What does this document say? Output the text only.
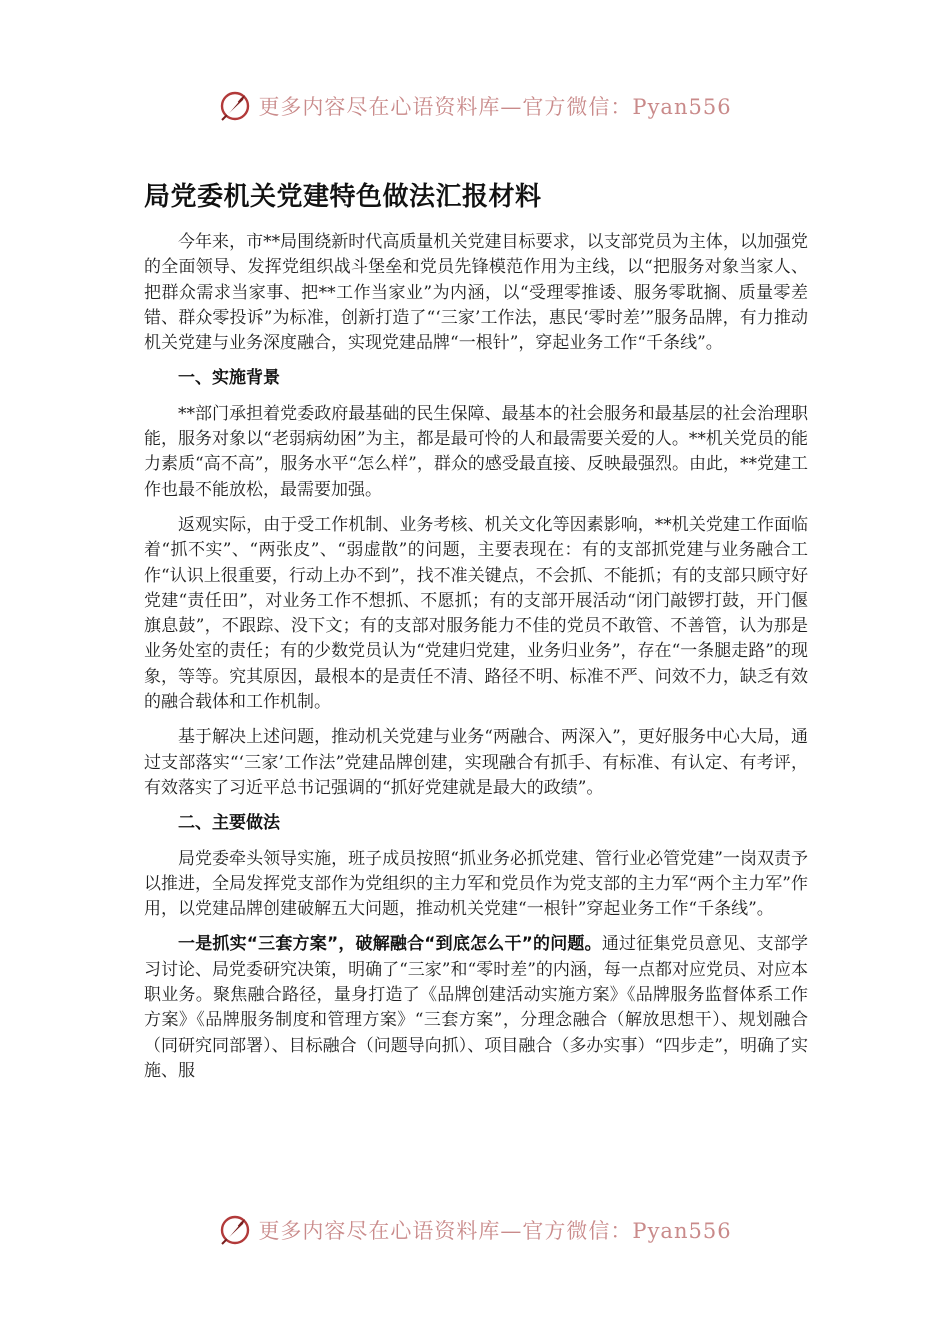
更多内容尽在心语资料库—官方微信：Pyan556
局党委机关党建特色做法汇报材料

今年来，市**局围绕新时代高质量机关党建目标要求，以支部党员为主体，以加强党的全面领导、发挥党组织战斗堡垒和党员先锋模范作用为主线，以“把服务对象当家人、把群众需求当家事、把**工作当家业”为内涵，以“受理零推诿、服务零耽搁、质量零差错、群众零投诉”为标准，创新打造了“‘三家’工作法，惠民‘零时差’”服务品牌，有力推动机关党建与业务深度融合，实现党建品牌“一根针”，穿起业务工作“千条线”。

一、实施背景

**部门承担着党委政府最基础的民生保障、最基本的社会服务和最基层的社会治理职能，服务对象以“老弱病幼困”为主，都是最可怜的人和最需要关爱的人。**机关党员的能力素质“高不高”，服务水平“怎么样”，群众的感受最直接、反映最强烈。由此，**党建工作也最不能放松，最需要加强。

返观实际，由于受工作机制、业务考核、机关文化等因素影响，**机关党建工作面临着“抓不实”、“两张皮”、“弱虚散”的问题，主要表现在：有的支部抓党建与业务融合工作“认识上很重要，行动上办不到”，找不准关键点，不会抓、不能抓；有的支部只顾守好党建“责任田”，对业务工作不想抓、不愿抓；有的支部开展活动“闭门敲锣打鼓，开门偃旗息鼓”，不跟踪、没下文；有的支部对服务能力不佳的党员不敢管、不善管，认为那是业务处室的责任；有的少数党员认为“党建归党建，业务归业务”，存在“一条腿走路”的现象，等等。究其原因，最根本的是责任不清、路径不明、标准不严、问效不力，缺乏有效的融合载体和工作机制。

基于解决上述问题，推动机关党建与业务“两融合、两深入”，更好服务中心大局，通过支部落实“‘三家’工作法”党建品牌创建，实现融合有抓手、有标准、有认定、有考评，有效落实了习近平总书记强调的“抓好党建就是最大的政绩”。

二、主要做法

局党委牵头领导实施，班子成员按照“抓业务必抓党建、管行业必管党建”一岗双责予以推进，全局发挥党支部作为党组织的主力军和党员作为党支部的主力军“两个主力军”作用，以党建品牌创建破解五大问题，推动机关党建“一根针”穿起业务工作“千条线”。

一是抓实“三套方案”，破解融合“到底怎么干”的问题。通过征集党员意见、支部学习讨论、局党委研究决策，明确了“三家”和“零时差”的内涵，每一点都对应党员、对应本职业务。聚焦融合路径，量身打造了《品牌创建活动实施方案》《品牌服务监督体系工作方案》《品牌服务制度和管理方案》“三套方案”，分理念融合（解放思想干）、规划融合（同研究同部署）、目标融合（问题导向抓）、项目融合（多办实事）“四步走”，明确了实施、服

更多内容尽在心语资料库—官方微信：Pyan556
